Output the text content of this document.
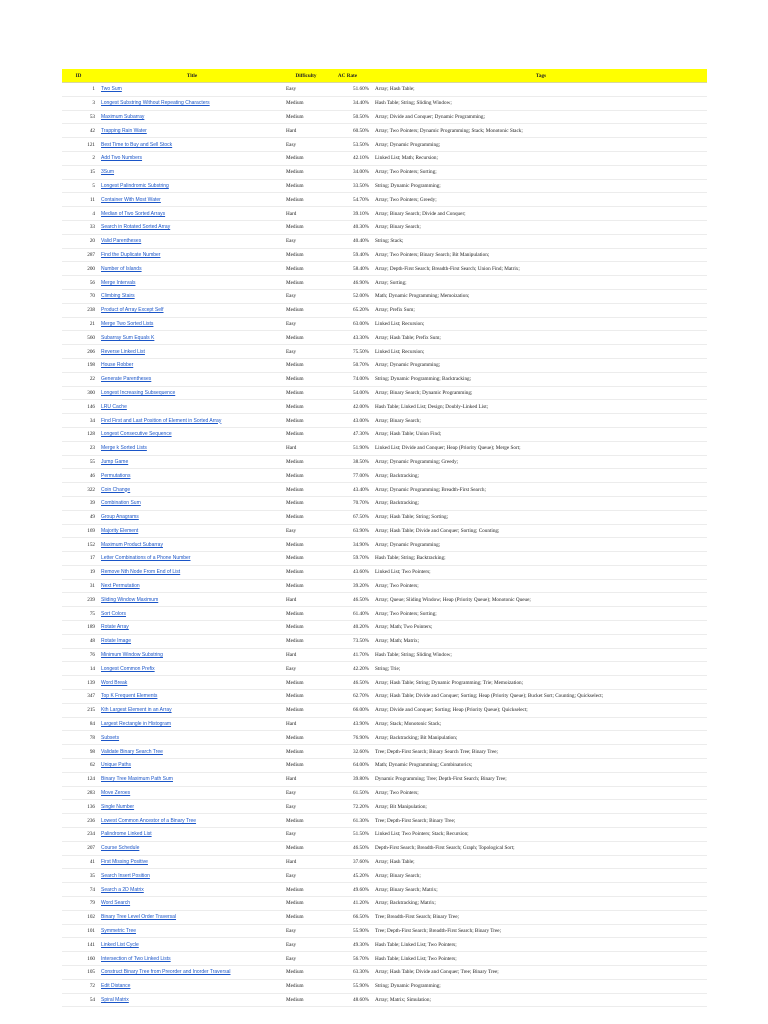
ID	Title	Difficulty	AC Rate	Tags
1	Two Sum	Easy	51.60%	Array; Hash Table;
3	Longest Substring Without Repeating Characters	Medium	34.40%	Hash Table; String; Sliding Window;
53	Maximum Subarray	Medium	50.50%	Array; Divide and Conquer; Dynamic Programming;
42	Trapping Rain Water	Hard	60.50%	Array; Two Pointers; Dynamic Programming; Stack; Monotonic Stack;
121	Best Time to Buy and Sell Stock	Easy	53.50%	Array; Dynamic Programming;
2	Add Two Numbers	Medium	42.10%	Linked List; Math; Recursion;
15	3Sum	Medium	34.00%	Array; Two Pointers; Sorting;
5	Longest Palindromic Substring	Medium	33.50%	String; Dynamic Programming;
11	Container With Most Water	Medium	54.70%	Array; Two Pointers; Greedy;
4	Median of Two Sorted Arrays	Hard	39.10%	Array; Binary Search; Divide and Conquer;
33	Search in Rotated Sorted Array	Medium	40.30%	Array; Binary Search;
20	Valid Parentheses	Easy	40.40%	String; Stack;
287	Find the Duplicate Number	Medium	59.40%	Array; Two Pointers; Binary Search; Bit Manipulation;
200	Number of Islands	Medium	58.40%	Array; Depth-First Search; Breadth-First Search; Union Find; Matrix;
56	Merge Intervals	Medium	46.90%	Array; Sorting;
70	Climbing Stairs	Easy	52.00%	Math; Dynamic Programming; Memoization;
238	Product of Array Except Self	Medium	65.20%	Array; Prefix Sum;
21	Merge Two Sorted Lists	Easy	63.00%	Linked List; Recursion;
560	Subarray Sum Equals K	Medium	43.30%	Array; Hash Table; Prefix Sum;
206	Reverse Linked List	Easy	75.50%	Linked List; Recursion;
198	House Robber	Medium	50.70%	Array; Dynamic Programming;
22	Generate Parentheses	Medium	74.00%	String; Dynamic Programming; Backtracking;
300	Longest Increasing Subsequence	Medium	54.00%	Array; Binary Search; Dynamic Programming;
146	LRU Cache	Medium	42.00%	Hash Table; Linked List; Design; Doubly-Linked List;
34	Find First and Last Position of Element in Sorted Array	Medium	43.00%	Array; Binary Search;
128	Longest Consecutive Sequence	Medium	47.30%	Array; Hash Table; Union Find;
23	Merge k Sorted Lists	Hard	51.90%	Linked List; Divide and Conquer; Heap (Priority Queue); Merge Sort;
55	Jump Game	Medium	38.50%	Array; Dynamic Programming; Greedy;
46	Permutations	Medium	77.00%	Array; Backtracking;
322	Coin Change	Medium	43.40%	Array; Dynamic Programming; Breadth-First Search;
39	Combination Sum	Medium	70.70%	Array; Backtracking;
49	Group Anagrams	Medium	67.50%	Array; Hash Table; String; Sorting;
169	Majority Element	Easy	63.90%	Array; Hash Table; Divide and Conquer; Sorting; Counting;
152	Maximum Product Subarray	Medium	34.90%	Array; Dynamic Programming;
17	Letter Combinations of a Phone Number	Medium	59.70%	Hash Table; String; Backtracking;
19	Remove Nth Node From End of List	Medium	43.60%	Linked List; Two Pointers;
31	Next Permutation	Medium	39.20%	Array; Two Pointers;
239	Sliding Window Maximum	Hard	46.50%	Array; Queue; Sliding Window; Heap (Priority Queue); Monotonic Queue;
75	Sort Colors	Medium	61.40%	Array; Two Pointers; Sorting;
189	Rotate Array	Medium	40.20%	Array; Math; Two Pointers;
48	Rotate Image	Medium	73.50%	Array; Math; Matrix;
76	Minimum Window Substring	Hard	41.70%	Hash Table; String; Sliding Window;
14	Longest Common Prefix	Easy	42.20%	String; Trie;
139	Word Break	Medium	46.50%	Array; Hash Table; String; Dynamic Programming; Trie; Memoization;
347	Top K Frequent Elements	Medium	62.70%	Array; Hash Table; Divide and Conquer; Sorting; Heap (Priority Queue); Bucket Sort; Counting; Quickselect;
215	Kth Largest Element in an Array	Medium	66.00%	Array; Divide and Conquer; Sorting; Heap (Priority Queue); Quickselect;
84	Largest Rectangle in Histogram	Hard	43.90%	Array; Stack; Monotonic Stack;
78	Subsets	Medium	76.90%	Array; Backtracking; Bit Manipulation;
98	Validate Binary Search Tree	Medium	32.60%	Tree; Depth-First Search; Binary Search Tree; Binary Tree;
62	Unique Paths	Medium	64.00%	Math; Dynamic Programming; Combinatorics;
124	Binary Tree Maximum Path Sum	Hard	39.80%	Dynamic Programming; Tree; Depth-First Search; Binary Tree;
283	Move Zeroes	Easy	61.50%	Array; Two Pointers;
136	Single Number	Easy	72.20%	Array; Bit Manipulation;
236	Lowest Common Ancestor of a Binary Tree	Medium	61.30%	Tree; Depth-First Search; Binary Tree;
234	Palindrome Linked List	Easy	51.50%	Linked List; Two Pointers; Stack; Recursion;
207	Course Schedule	Medium	46.50%	Depth-First Search; Breadth-First Search; Graph; Topological Sort;
41	First Missing Positive	Hard	37.60%	Array; Hash Table;
35	Search Insert Position	Easy	45.20%	Array; Binary Search;
74	Search a 2D Matrix	Medium	49.60%	Array; Binary Search; Matrix;
79	Word Search	Medium	41.20%	Array; Backtracking; Matrix;
102	Binary Tree Level Order Traversal	Medium	66.50%	Tree; Breadth-First Search; Binary Tree;
101	Symmetric Tree	Easy	55.90%	Tree; Depth-First Search; Breadth-First Search; Binary Tree;
141	Linked List Cycle	Easy	49.30%	Hash Table; Linked List; Two Pointers;
160	Intersection of Two Linked Lists	Easy	56.70%	Hash Table; Linked List; Two Pointers;
105	Construct Binary Tree from Preorder and Inorder Traversal	Medium	63.30%	Array; Hash Table; Divide and Conquer; Tree; Binary Tree;
72	Edit Distance	Medium	55.90%	String; Dynamic Programming;
54	Spiral Matrix	Medium	48.60%	Array; Matrix; Simulation;
